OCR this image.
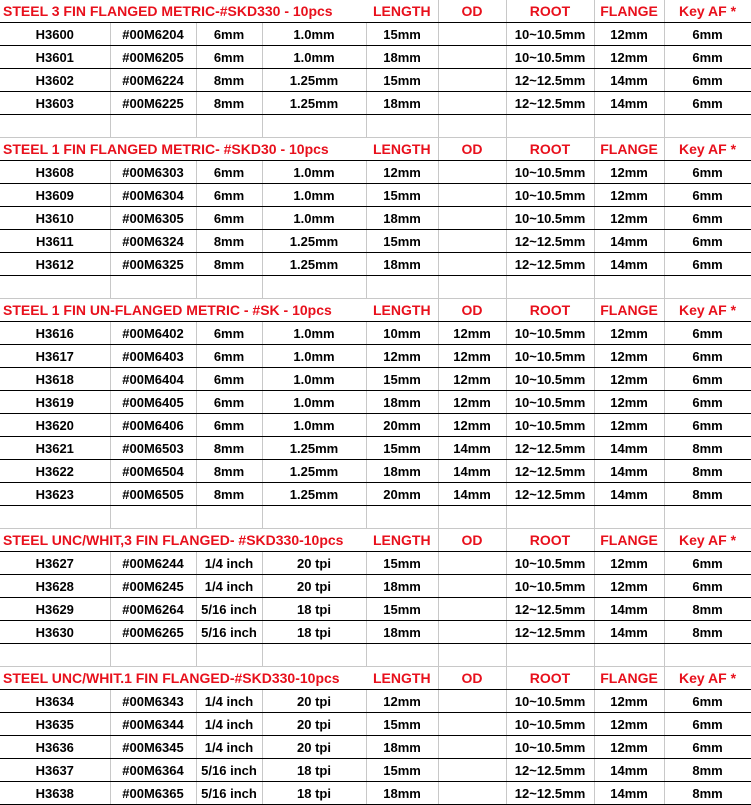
STEEL 3 FIN FLANGED METRIC-#SKD330 - 10pcs				LENGTH	OD	ROOT	FLANGE	Key AF *
H3600	#00M6204	6mm	1.0mm	15mm		10~10.5mm	12mm	6mm
H3601	#00M6205	6mm	1.0mm	18mm		10~10.5mm	12mm	6mm
H3602	#00M6224	8mm	1.25mm	15mm		12~12.5mm	14mm	6mm
H3603	#00M6225	8mm	1.25mm	18mm		12~12.5mm	14mm	6mm

STEEL 1 FIN FLANGED METRIC- #SKD30 - 10pcs				LENGTH	OD	ROOT	FLANGE	Key AF *
H3608	#00M6303	6mm	1.0mm	12mm		10~10.5mm	12mm	6mm
H3609	#00M6304	6mm	1.0mm	15mm		10~10.5mm	12mm	6mm
H3610	#00M6305	6mm	1.0mm	18mm		10~10.5mm	12mm	6mm
H3611	#00M6324	8mm	1.25mm	15mm		12~12.5mm	14mm	6mm
H3612	#00M6325	8mm	1.25mm	18mm		12~12.5mm	14mm	6mm

STEEL 1 FIN UN-FLANGED METRIC - #SK - 10pcs				LENGTH	OD	ROOT	FLANGE	Key AF *
H3616	#00M6402	6mm	1.0mm	10mm	12mm	10~10.5mm	12mm	6mm
H3617	#00M6403	6mm	1.0mm	12mm	12mm	10~10.5mm	12mm	6mm
H3618	#00M6404	6mm	1.0mm	15mm	12mm	10~10.5mm	12mm	6mm
H3619	#00M6405	6mm	1.0mm	18mm	12mm	10~10.5mm	12mm	6mm
H3620	#00M6406	6mm	1.0mm	20mm	12mm	10~10.5mm	12mm	6mm
H3621	#00M6503	8mm	1.25mm	15mm	14mm	12~12.5mm	14mm	8mm
H3622	#00M6504	8mm	1.25mm	18mm	14mm	12~12.5mm	14mm	8mm
H3623	#00M6505	8mm	1.25mm	20mm	14mm	12~12.5mm	14mm	8mm

STEEL UNC/WHIT,3 FIN FLANGED- #SKD330-10pcs				LENGTH	OD	ROOT	FLANGE	Key AF *
H3627	#00M6244	1/4 inch	20 tpi	15mm		10~10.5mm	12mm	6mm
H3628	#00M6245	1/4 inch	20 tpi	18mm		10~10.5mm	12mm	6mm
H3629	#00M6264	5/16 inch	18 tpi	15mm		12~12.5mm	14mm	8mm
H3630	#00M6265	5/16 inch	18 tpi	18mm		12~12.5mm	14mm	8mm

STEEL UNC/WHIT.1 FIN FLANGED-#SKD330-10pcs				LENGTH	OD	ROOT	FLANGE	Key AF *
H3634	#00M6343	1/4 inch	20 tpi	12mm		10~10.5mm	12mm	6mm
H3635	#00M6344	1/4 inch	20 tpi	15mm		10~10.5mm	12mm	6mm
H3636	#00M6345	1/4 inch	20 tpi	18mm		10~10.5mm	12mm	6mm
H3637	#00M6364	5/16 inch	18 tpi	15mm		12~12.5mm	14mm	8mm
H3638	#00M6365	5/16 inch	18 tpi	18mm		12~12.5mm	14mm	8mm
